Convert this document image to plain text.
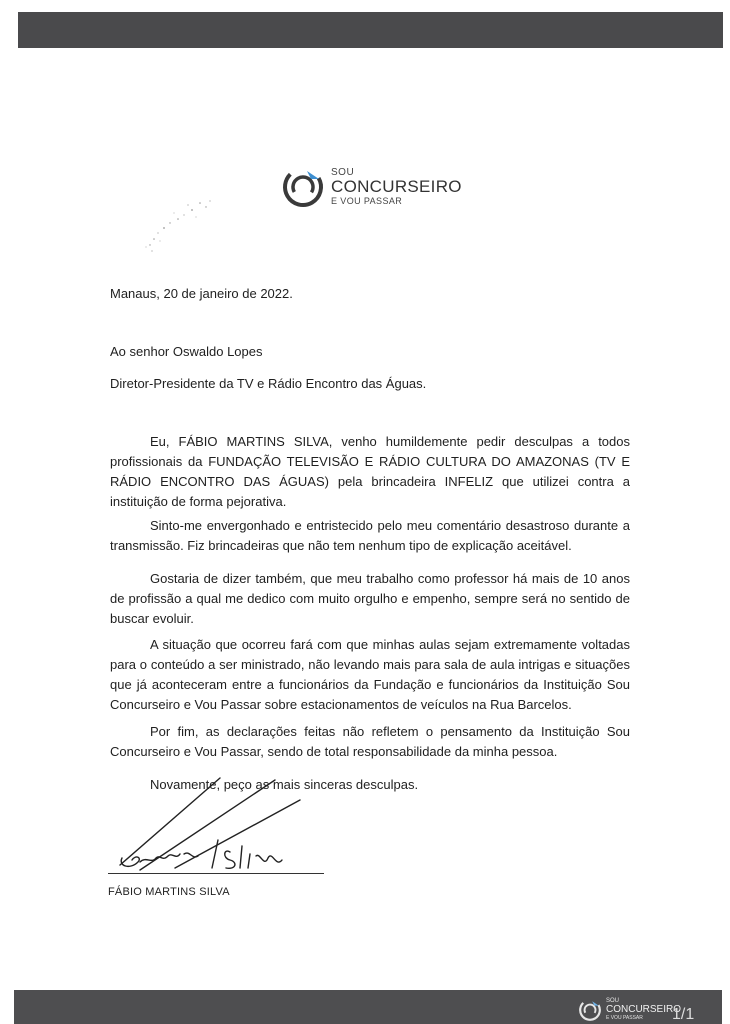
SOU
CONCURSEIRO
E VOU PASSAR
Manaus, 20 de janeiro de 2022.
Ao senhor Oswaldo Lopes
Diretor-Presidente da TV e Rádio Encontro das Águas.
Eu, FÁBIO MARTINS SILVA, venho humildemente pedir desculpas a todos profissionais da FUNDAÇÃO TELEVISÃO E RÁDIO CULTURA DO AMAZONAS (TV E RÁDIO ENCONTRO DAS ÁGUAS) pela brincadeira INFELIZ que utilizei contra a instituição de forma pejorativa.
Sinto-me envergonhado e entristecido pelo meu comentário desastroso durante a transmissão. Fiz brincadeiras que não tem nenhum tipo de explicação aceitável.
Gostaria de dizer também, que meu trabalho como professor há mais de 10 anos de profissão a qual me dedico com muito orgulho e empenho, sempre será no sentido de buscar evoluir.
A situação que ocorreu fará com que minhas aulas sejam extremamente voltadas para o conteúdo a ser ministrado, não levando mais para sala de aula intrigas e situações que já aconteceram entre a funcionários da Fundação e funcionários da Instituição Sou Concurseiro e Vou Passar sobre estacionamentos de veículos na Rua Barcelos.
Por fim, as declarações feitas não refletem o pensamento da Instituição Sou Concurseiro e Vou Passar, sendo de total responsabilidade da minha pessoa.
Novamente, peço as mais sinceras desculpas.
FÁBIO MARTINS SILVA
SOU
CONCURSEIRO
E VOU PASSAR 1/1
